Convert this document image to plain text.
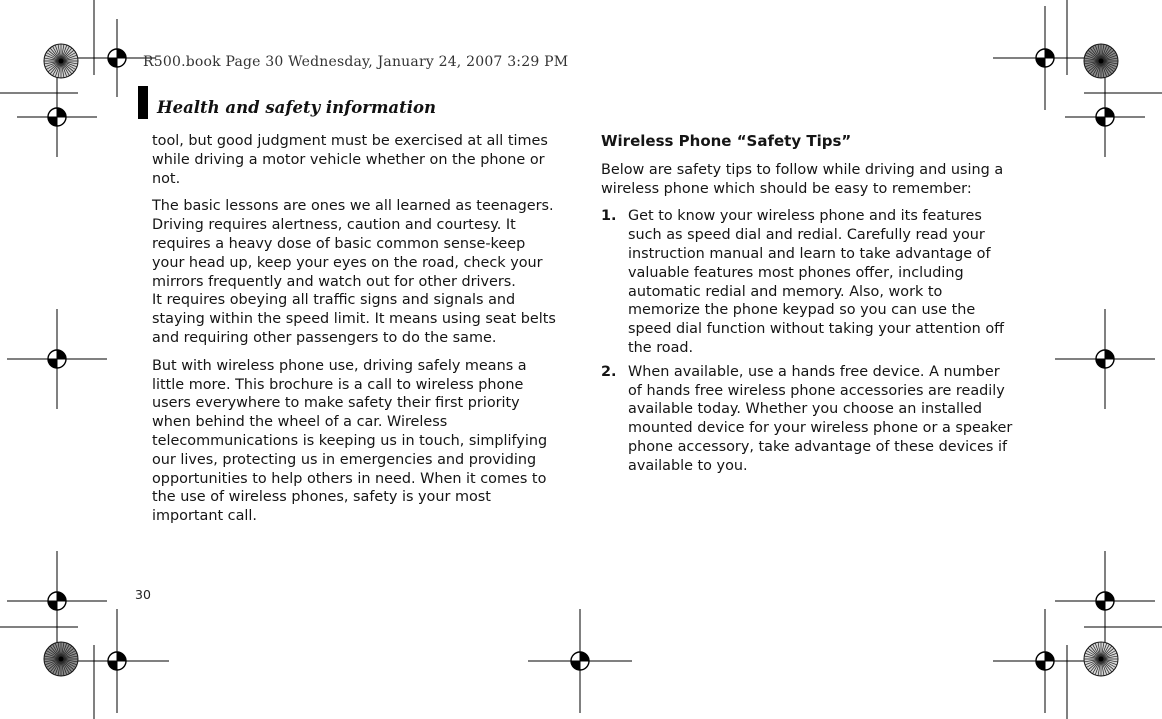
R500.book Page 30 Wednesday, January 24, 2007 3:29 PM
Health and safety information

tool, but good judgment must be exercised at all times while driving a motor vehicle whether on the phone or not.

The basic lessons are ones we all learned as teenagers. Driving requires alertness, caution and courtesy. It requires a heavy dose of basic common sense-keep your head up, keep your eyes on the road, check your mirrors frequently and watch out for other drivers.

It requires obeying all traffic signs and signals and staying within the speed limit. It means using seat belts and requiring other passengers to do the same.

But with wireless phone use, driving safely means a little more. This brochure is a call to wireless phone users everywhere to make safety their first priority when behind the wheel of a car. Wireless telecommunications is keeping us in touch, simplifying our lives, protecting us in emergencies and providing opportunities to help others in need. When it comes to the use of wireless phones, safety is your most important call.

Wireless Phone “Safety Tips”

Below are safety tips to follow while driving and using a wireless phone which should be easy to remember:

1. Get to know your wireless phone and its features such as speed dial and redial. Carefully read your instruction manual and learn to take advantage of valuable features most phones offer, including automatic redial and memory. Also, work to memorize the phone keypad so you can use the speed dial function without taking your attention off the road.
2. When available, use a hands free device. A number of hands free wireless phone accessories are readily available today. Whether you choose an installed mounted device for your wireless phone or a speaker phone accessory, take advantage of these devices if available to you.
30
